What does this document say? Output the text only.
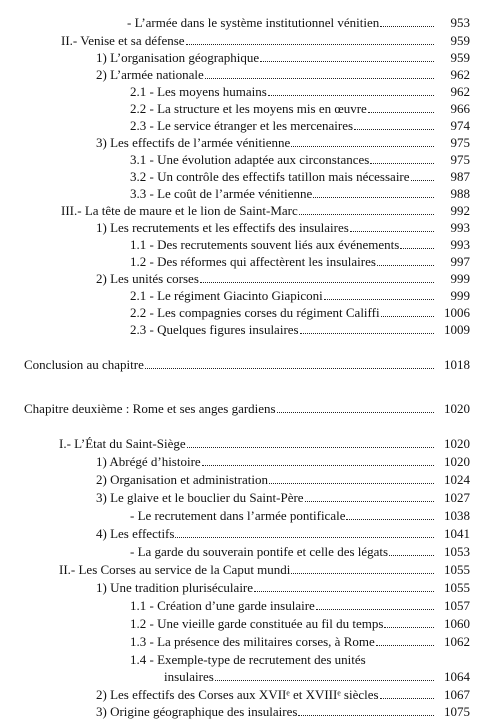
- L’armée dans le système institutionnel vénitien	953
II.- Venise et sa défense	959
1) L’organisation géographique	959
2) L’armée nationale	962
2.1 - Les moyens humains	962
2.2 - La structure et les moyens mis en œuvre	966
2.3 - Le service étranger et les mercenaires	974
3) Les effectifs de l’armée vénitienne	975
3.1 - Une évolution adaptée aux circonstances	975
3.2 - Un contrôle des effectifs tatillon mais nécessaire	987
3.3 - Le coût de l’armée vénitienne	988
III.- La tête de maure et le lion de Saint-Marc	992
1) Les recrutements et les effectifs des insulaires	993
1.1 - Des recrutements souvent liés aux événements	993
1.2 - Des réformes qui affectèrent les insulaires	997
2) Les unités corses	999
2.1 - Le régiment Giacinto Giapiconi	999
2.2 - Les compagnies corses du régiment Califfi	1006
2.3 - Quelques figures insulaires	1009
Conclusion au chapitre	1018
Chapitre deuxième : Rome et ses anges gardiens	1020
I.- L’État du Saint-Siège	1020
1) Abrégé d’histoire	1020
2) Organisation et administration	1024
3) Le glaive et le bouclier du Saint-Père	1027
- Le recrutement dans l’armée pontificale	1038
4) Les effectifs	1041
- La garde du souverain pontife et celle des légats	1053
II.- Les Corses au service de la Caput mundi	1055
1) Une tradition pluriséculaire	1055
1.1 - Création d’une garde insulaire	1057
1.2 - Une vieille garde constituée au fil du temps	1060
1.3 - La présence des militaires corses, à Rome	1062
1.4 - Exemple-type de recrutement des unités
insulaires	1064
2) Les effectifs des Corses aux XVIIᵉ et XVIIIᵉ siècles	1067
3) Origine géographique des insulaires	1075
